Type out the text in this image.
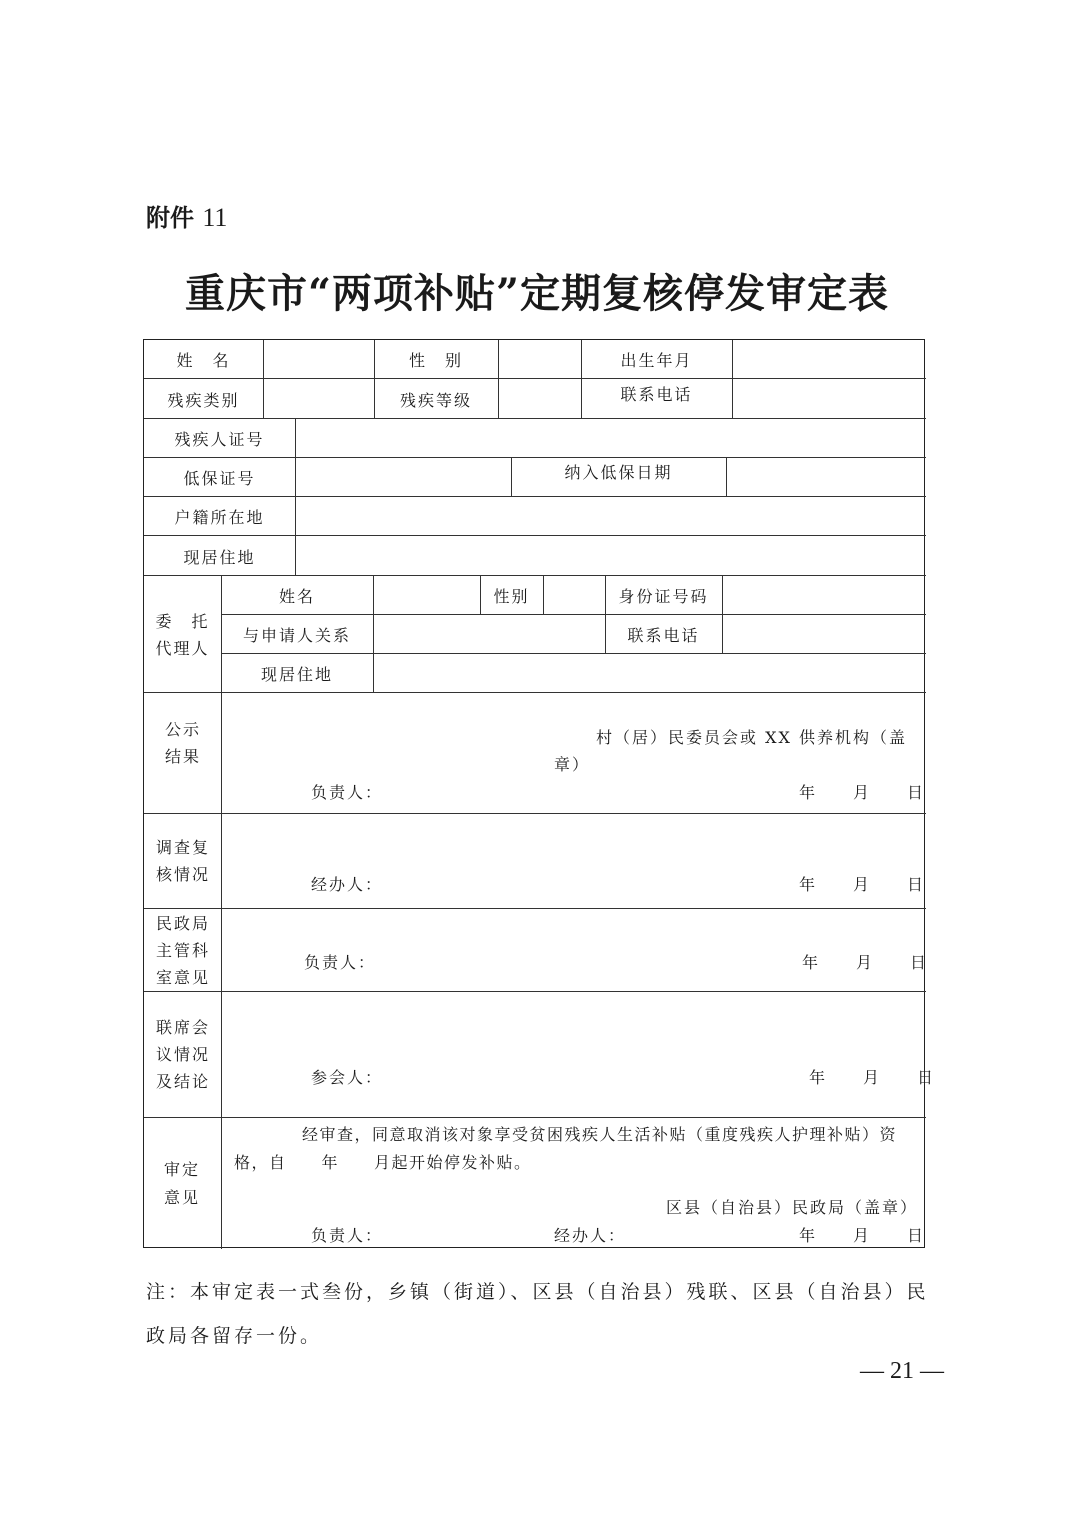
附件 11
重庆市“两项补贴”定期复核停发审定表
姓　名	性　别	出生年月
残疾类别	残疾等级	联系电话
残疾人证号
低保证号	纳入低保日期
户籍所在地
现居住地
委　托 代理人
姓名	性别	身份证号码
与申请人关系	联系电话
现居住地
公示 结果
村（居）民委员会或 XX 供养机构（盖
章）
负责人：	年　　月　　日
调查复 核情况
经办人：	年　　月　　日
民政局 主管科 室意见
负责人：	年　　月　　日
联席会 议情况 及结论	参会人：	年　　月　　日
审定 意见
经审查，同意取消该对象享受贫困残疾人生活补贴（重度残疾人护理补贴）资
格，自　　年　　月起开始停发补贴。
区县（自治县）民政局（盖章）
负责人：	经办人：	年　　月　　日
注：本审定表一式叁份，乡镇（街道）、区县（自治县）残联、区县（自治县）民政局各留存一份。
— 21 —
